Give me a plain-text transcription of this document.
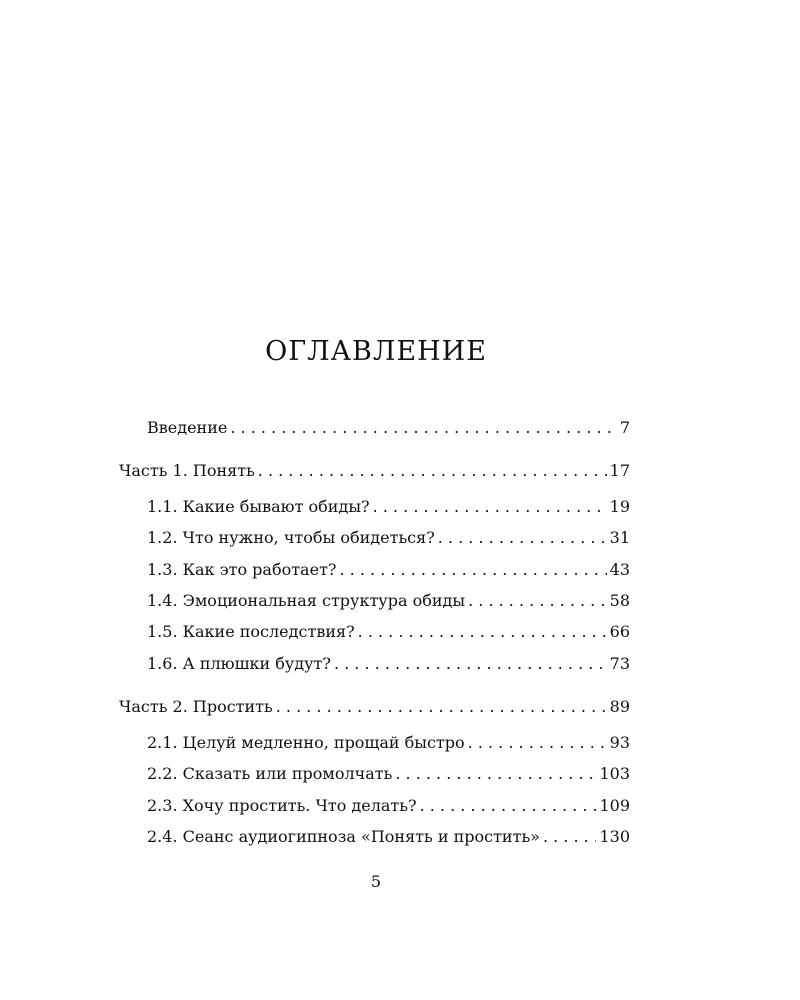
ОГЛАВЛЕНИЕ
Введение . . .	7
Часть 1. Понять . . .	17
1.1. Какие бывают обиды? . . .	19
1.2. Что нужно, чтобы обидеться? . . .	31
1.3. Как это работает? . . .	43
1.4. Эмоциональная структура обиды . . .	58
1.5. Какие последствия? . . .	66
1.6. А плюшки будут? . . .	73
Часть 2. Простить . . .	89
2.1. Целуй медленно, прощай быстро . . .	93
2.2. Сказать или промолчать . . .	103
2.3. Хочу простить. Что делать? . . .	109
2.4. Сеанс аудиогипноза «Понять и простить» . . .	130
5
